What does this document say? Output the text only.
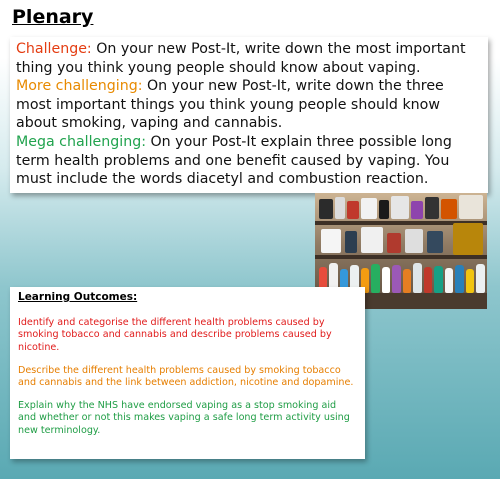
Plenary
Challenge: On your new Post-It, write down the most important thing you think young people should know about vaping.
More challenging: On your new Post-It, write down the three most important things you think young people should know about smoking, vaping and cannabis.
Mega challenging: On your Post-It explain three possible long term health problems and one benefit caused by vaping. You must include the words diacetyl and combustion reaction.
Learning Outcomes:
Identify and categorise the different health problems caused by smoking tobacco and cannabis and describe problems caused by nicotine.
Describe the different health problems caused by smoking tobacco and cannabis and the link between addiction, nicotine and dopamine.
Explain why the NHS have endorsed vaping as a stop smoking aid and whether or not this makes vaping a safe long term activity using new terminology.
